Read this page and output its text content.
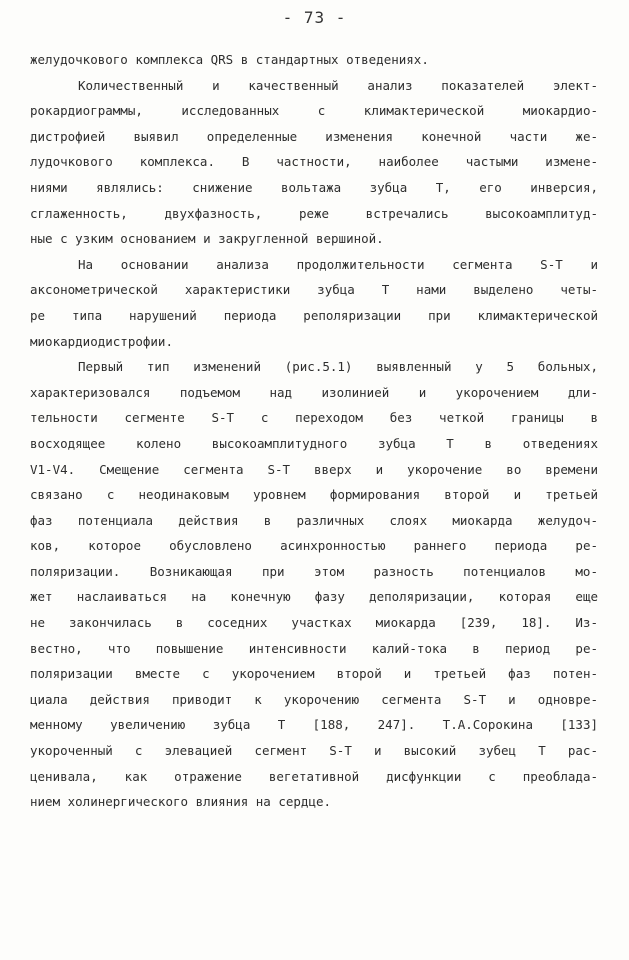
- 73 -
желудочкового комплекса QRS в стандартных отведениях.
Количественный и качественный анализ показателей элект-
рокардиограммы, исследованных с климактерической миокардио-
дистрофией выявил определенные изменения конечной части же-
лудочкового комплекса. В частности, наиболее частыми измене-
ниями являлись: снижение вольтажа зубца Т, его инверсия,
сглаженность, двухфазность, реже встречались высокоамплитуд-
ные с узким основанием и закругленной вершиной.
На основании анализа продолжительности сегмента S-Т и
аксонометрической характеристики зубца Т нами выделено четы-
ре типа нарушений периода реполяризации при климактерической
миокардиодистрофии.
Первый тип изменений (рис.5.1) выявленный у 5 больных,
характеризовался подъемом над изолинией и укорочением дли-
тельности сегменте S-Т с переходом без четкой границы в
восходящее колено высокоамплитудного зубца Т в отведениях
V1-V4. Смещение сегмента S-Т вверх и укорочение во времени
связано с неодинаковым уровнем формирования второй и третьей
фаз потенциала действия в различных слоях миокарда желудоч-
ков, которое обусловлено асинхронностью раннего периода ре-
поляризации. Возникающая при этом разность потенциалов мо-
жет наслаиваться на конечную фазу деполяризации, которая еще
не закончилась в соседних участках миокарда [239, 18]. Из-
вестно, что повышение интенсивности калий-тока в период ре-
поляризации вместе с укорочением второй и третьей фаз потен-
циала действия приводит к укорочению сегмента S-Т и одновре-
менному увеличению зубца Т [188, 247]. Т.А.Сорокина [133]
укороченный с элевацией сегмент S-Т и высокий зубец Т рас-
ценивала, как отражение вегетативной дисфункции с преоблада-
нием холинергического влияния на сердце.
